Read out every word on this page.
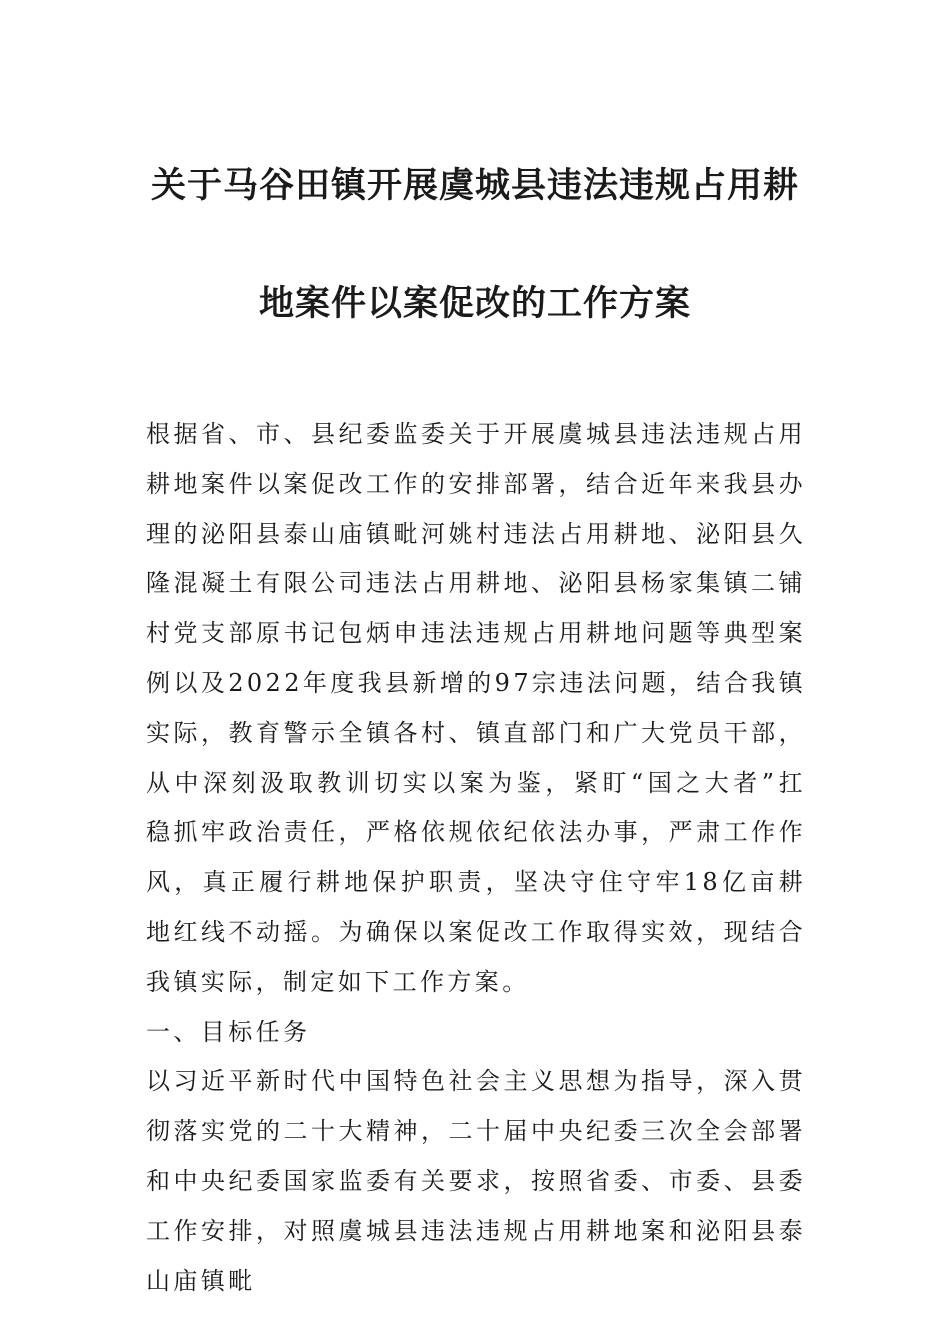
关于马谷田镇开展虞城县违法违规占用耕
地案件以案促改的工作方案

根据省、市、县纪委监委关于开展虞城县违法违规占用耕地案件以案促改工作的安排部署，结合近年来我县办理的泌阳县泰山庙镇毗河姚村违法占用耕地、泌阳县久隆混凝土有限公司违法占用耕地、泌阳县杨家集镇二铺村党支部原书记包炳申违法违规占用耕地问题等典型案例以及2022年度我县新增的97宗违法问题，结合我镇实际，教育警示全镇各村、镇直部门和广大党员干部，从中深刻汲取教训切实以案为鉴，紧盯“国之大者”扛稳抓牢政治责任，严格依规依纪依法办事，严肃工作作风，真正履行耕地保护职责，坚决守住守牢18亿亩耕地红线不动摇。为确保以案促改工作取得实效，现结合我镇实际，制定如下工作方案。

一、目标任务

以习近平新时代中国特色社会主义思想为指导，深入贯彻落实党的二十大精神，二十届中央纪委三次全会部署和中央纪委国家监委有关要求，按照省委、市委、县委工作安排，对照虞城县违法违规占用耕地案和泌阳县泰山庙镇毗
